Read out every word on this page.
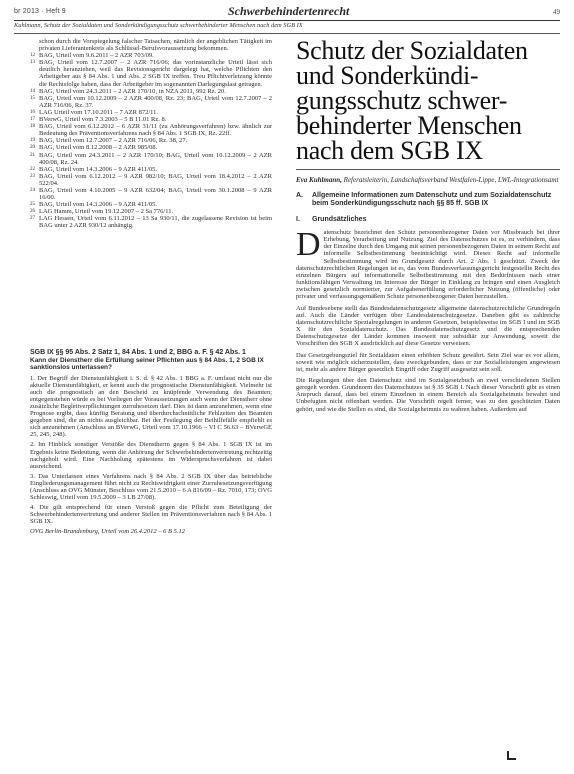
br 2013 · Heft 9	Schwerbehindertenrecht	49
Kuhlmann, Schutz der Sozialdaten und Sonderkündigungsschutz schwerbehinderter Menschen nach dem SGB IX

schon durch die Vorspiegelung falscher Tatsachen, nämlich der angeblichen Tätigkeit im privaten Lieferantenkreis als Schlüssel-Berufsvoraussetzung bekommen.

12 BAG, Urteil vom 9.6.2011 – 2 AZR 703/09.

13 BAG, Urteil vom 12.7.2007 – 2 AZR 716/06; das vorinstanzliche Urteil lässt sich deutlich heranziehen, weil das Revisionsgericht dargelegt hat, welche Pflichten den Arbeitgeber aus § 84 Abs. 1 und Abs. 2 SGB IX treffen. Treu Pflichtverletzung könnte die Rechtsfolge haben, dass der Arbeitgeber im sogenannten Darlegungslast getragen.

14 BAG, Urteil vom 24.3.2011 – 2 AZR 170/10, in NZA 2011, 992 Rz. 20.

15 BAG, Urteil vom 10.12.2009 – 2 AZR 400/08, Rz. 23; BAG, Urteil vom 12.7.2007 – 2 AZR 716/06, Rz. 37.

16 LAG Urteil vom 17.10.2011 – 7 AZR 872/11.

17 BVerwG, Urteil vom 7.3.2003 – 5 B 11.01 Rz. 8.

18 BAG, Urteil vom 6.12.2012 – 6 AZR 31/11 (zu Anhörungsverfahren) bzw. ähnlich zur Bedeutung des Präventionsverfahrens nach § 84 Abs. 1 SGB IX, Rz. 22ff.

19 BAG, Urteil vom 12.7.2007 – 2 AZR 716/06, Rz. 38, 27.

20 BAG, Urteil vom 8.12.2008 – 2 AZR 985/08.

21 BAG, Urteil vom 24.3.2011 – 2 AZR 170/10; BAG, Urteil vom 10.12.2009 – 2 AZR 400/08, Rz. 24.

22 BAG, Urteil vom 14.3.2006 – 9 AZR 411/05.

23 BAG, Urteil vom 6.12.2012 – 9 AZR 982/10; BAG, Urteil vom 18.4.2012 – 2 AZR 522/04.

24 BAG, Urteil vom 4.10.2005 – 9 AZR 632/04; BAG, Urteil vom 30.1.2008 – 9 AZR 16/00.

25 BAG, Urteil vom 14.3.2006 – 9 AZR 411/05.

26 LAG Hamm, Urteil vom 19.12.2007 – 2 Sa 776/11.

27 LAG Hessen, Urteil vom 6.11.2012 – 13 Sa 930/11, die zugelassene Revision ist beim BAG unter 2 AZR 930/12 anhängig.

SGB IX §§ 95 Abs. 2 Satz 1, 84 Abs. 1 und 2, BBG a. F. § 42 Abs. 1
Kann der Dienstherr die Erfüllung seiner Pflichten aus § 84 Abs. 1, 2 SGB IX sanktionslos unterlassen?

1. Der Begriff der Dienstunfähigkeit i. S. d. § 42 Abs. 1 BBG a. F. umfasst nicht nur die aktuelle Dienstunfähigkeit, er kennt auch die prognostische Dienstunfähigkeit. Vielmehr ist auch die prognostisch an den Bescheid zu knüpfende Verwendung des Beamten; entgegenstehen würde es bei Vorliegen der Voraussetzungen auch wenn der Dienstherr ohne zusätzliche Begleitverpflichtungen zurruhesetzen darf. Dies ist dann anzunehmen, wenn eine Prognose ergibt, dass künftig Beratung und überdurchschnittliche Fehlzeiten des Beamten gegeben sind, die an nichts ausgleichbar. Bei der Festlegung der Beihilfefälle empfiehlt es sich anzunehmen (Anschluss an BVerwG, Urteil vom 17.10.1966 – VI C 56.63 – BVerwGE 25, 245, 248).

2. Im Hinblick sonstiger Verstöße des Dienstherrn gegen § 84 Abs. 1 SGB IX ist im Ergebnis keine Bedeutung, wenn die Anhörung der Schwerbehindertenvertretung rechtzeitig nachgeholt wird. Eine Nachholung spätestens im Widerspruchsverfahren ist dabei ausreichend.

3. Das Unterlassen eines Verfahrens nach § 84 Abs. 2 SGB IX über das betriebliche Eingliederungsmanagement führt nicht zu Rechtswidrigkeit einer Zurruhesetzungsverfügung (Anschluss an OVG Münster, Beschluss vom 21.5.2010 – 6 A 816/09 – Rz. 7010, 173; OVG Schleswig, Urteil vom 19.5.2009 – 3 LB 27/08).

4. Die gilt entsprechend für einen Verstoß gegen die Pflicht zum Beteiligung der Schwerbehindertenvertretung und anderer Stellen im Präventionsverfahren nach § 84 Abs. 1 SGB IX.

OVG Berlin-Brandenburg, Urteil vom 26.4.2012 – 6 B 5.12
Schutz der Sozialdaten
und Sonderkündi-
gungsschutz schwer-
behinderter Menschen
nach dem SGB IX
Eva Kuhlmann, Referatsleiterin, Landschaftsverband Westfalen-Lippe, LWL-Integrationsamt
A.	Allgemeine Informationen zum Datenschutz und zum Sozialdatenschutz beim Sonderkündigungsschutz nach §§ 85 ff. SGB IX
I.	Grundsätzliches

Datenschutz bezeichnet den Schutz personenbezogener Daten vor Missbrauch bei ihrer Erhebung, Verarbeitung und Nutzung. Ziel des Datenschutzes ist es, zu verhindern, dass der Einzelne durch den Umgang mit seinen personenbezogenen Daten in seinem Recht auf informelle Selbstbestimmung beeinträchtigt wird. Dieses Recht auf informelle Selbstbestimmung wird im Grundgesetz durch Art. 2 Abs. 1 geschützt. Zweck der datenschutzrechtlichen Regelungen ist es, das vom Bundesverfassungsgericht festgestellte Recht des einzelnen Bürgers auf informationelle Selbstbestimmung mit den Bedürfnissen nach einer funktionsfähigen Verwaltung im Interesse der Bürger in Einklang zu bringen und einen Ausgleich zwischen gesetzlich normierter, zur Aufgabenerfüllung erforderlicher Nutzung (öffentliche) oder privater und verfassungsgemäßem Schutz personenbezogener Daten herzustellen.

Auf Bundesebene stellt das Bundesdatenschutzgesetz allgemeine datenschutzrechtliche Grundregeln auf. Auch die Länder verfügen über Landesdatenschutzgesetze. Daneben gibt es zahlreiche datenschutzrechtliche Spezialregelungen in anderen Gesetzen, beispielsweise im SGB I und im SGB X für den Sozialdatenschutz. Das Bundesdatenschutzgesetz und die entsprechenden Datenschutzgesetze der Länder kommen insoweit nur subsidiär zur Anwendung, soweit die Vorschriften des SGB X ausdrücklich auf diese Gesetze verweisen.

Das Gesetzgebungsziel für Sozialdaten einen erhöhten Schutz gewährt. Sein Ziel war es vor allem, soweit wie möglich sicherzustellen, dass zweckgebunden, dass er zur Sozialleistungen angewiesen ist, mehr als andere Bürger gesetzlich Eingriff oder Zugriff ausgesetzt sein soll.

Die Regelungen über den Datenschutz sind im Sozialgesetzbuch an zwei verschiedenen Stellen geregelt worden. Grundnorm des Datenschutzes ist § 35 SGB I. Nach dieser Vorschrift gibt es einen Anspruch darauf, dass bei einem Einzelnen in einem Bereich als Sozialgeheimnis bewahrt und Unbefugten nicht offenbart werden. Die Vorschrift regelt ferner, was zu den geschützten Daten gehört, und wie die Stellen es sind, die Sozialgeheimnis zu wahren haben. Außerdem auf
